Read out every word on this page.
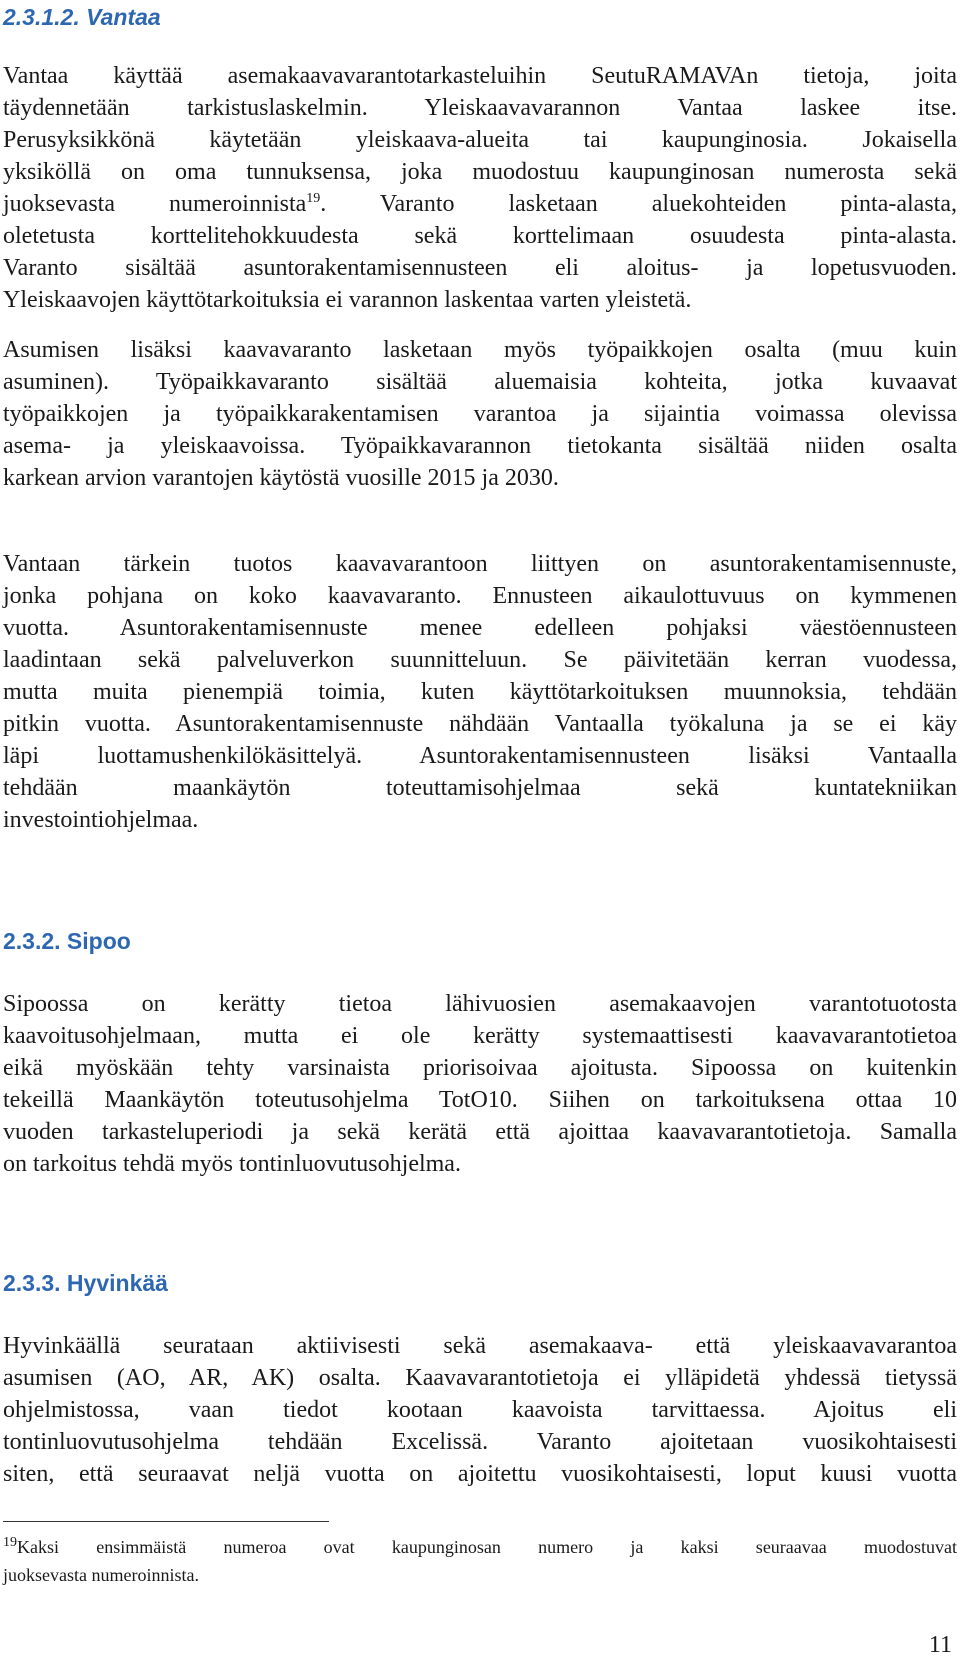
2.3.1.2. Vantaa
Vantaa käyttää asemakaavavarantotarkasteluihin SeutuRAMAVAn tietoja, joita
täydennetään tarkistuslaskelmin. Yleiskaavavarannon Vantaa laskee itse.
Perusyksikkönä käytetään yleiskaava-alueita tai kaupunginosia. Jokaisella
yksiköllä on oma tunnuksensa, joka muodostuu kaupunginosan numerosta sekä
juoksevasta numeroinnista$^{19}$. Varanto lasketaan aluekohteiden pinta-alasta,
oletetusta korttelitehokkuudesta sekä korttelimaan osuudesta pinta-alasta.
Varanto sisältää asuntorakentamisennusteen eli aloitus- ja lopetusvuoden.
Yleiskaavojen käyttötarkoituksia ei varannon laskentaa varten yleistetä.
Asumisen lisäksi kaavavaranto lasketaan myös työpaikkojen osalta (muu kuin
asuminen). Työpaikkavaranto sisältää aluemaisia kohteita, jotka kuvaavat
työpaikkojen ja työpaikkarakentamisen varantoa ja sijaintia voimassa olevissa
asema- ja yleiskaavoissa. Työpaikkavarannon tietokanta sisältää niiden osalta
karkean arvion varantojen käytöstä vuosille 2015 ja 2030.
Vantaan tärkein tuotos kaavavarantoon liittyen on asuntorakentamisennuste,
jonka pohjana on koko kaavavaranto. Ennusteen aikaulottuvuus on kymmenen
vuotta. Asuntorakentamisennuste menee edelleen pohjaksi väestöennusteen
laadintaan sekä palveluverkon suunnitteluun. Se päivitetään kerran vuodessa,
mutta muita pienempiä toimia, kuten käyttötarkoituksen muunnoksia, tehdään
pitkin vuotta. Asuntorakentamisennuste nähdään Vantaalla työkaluna ja se ei käy
läpi luottamushenkilökäsittelyä. Asuntorakentamisennusteen lisäksi Vantaalla
tehdään maankäytön toteuttamisohjelmaa sekä kuntatekniikan
investointiohjelmaa.
2.3.2. Sipoo
Sipoossa on kerätty tietoa lähivuosien asemakaavojen varantotuotosta
kaavoitusohjelmaan, mutta ei ole kerätty systemaattisesti kaavavarantotietoa
eikä myöskään tehty varsinaista priorisoivaa ajoitusta. Sipoossa on kuitenkin
tekeillä Maankäytön toteutusohjelma TotO10. Siihen on tarkoituksena ottaa 10
vuoden tarkasteluperiodi ja sekä kerätä että ajoittaa kaavavarantotietoja. Samalla
on tarkoitus tehdä myös tontinluovutusohjelma.
2.3.3. Hyvinkää
Hyvinkäällä seurataan aktiivisesti sekä asemakaava- että yleiskaavavarantoa
asumisen (AO, AR, AK) osalta. Kaavavarantotietoja ei ylläpidetä yhdessä tietyssä
ohjelmistossa, vaan tiedot kootaan kaavoista tarvittaessa. Ajoitus eli
tontinluovutusohjelma tehdään Excelissä. Varanto ajoitetaan vuosikohtaisesti
siten, että seuraavat neljä vuotta on ajoitettu vuosikohtaisesti, loput kuusi vuotta
$^{19}$Kaksi ensimmäistä numeroa ovat kaupunginosan numero ja kaksi seuraavaa muodostuvat
juoksevasta numeroinnista.
11
